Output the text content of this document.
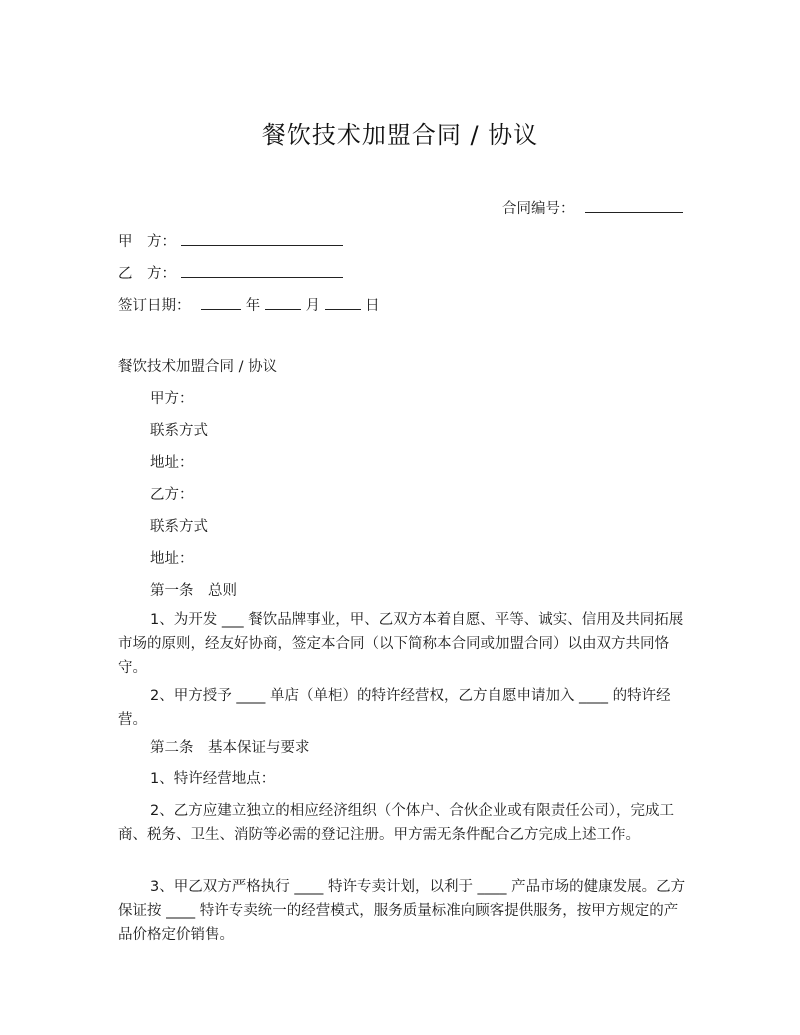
餐饮技术加盟合同 / 协议
合同编号：
甲　方：
乙　方：
签订日期：	年	月	日
餐饮技术加盟合同 / 协议
甲方：
联系方式
地址：
乙方：
联系方式
地址：
第一条　总则
1、为开发 ___ 餐饮品牌事业，甲、乙双方本着自愿、平等、诚实、信用及共同拓展市场的原则，经友好协商，签定本合同（以下简称本合同或加盟合同）以由双方共同恪守。
2、甲方授予 ____ 单店（单柜）的特许经营权，乙方自愿申请加入 ____ 的特许经营。
第二条　基本保证与要求
1、特许经营地点：
2、乙方应建立独立的相应经济组织（个体户、合伙企业或有限责任公司），完成工商、税务、卫生、消防等必需的登记注册。甲方需无条件配合乙方完成上述工作。
3、甲乙双方严格执行 ____ 特许专卖计划，以利于 ____ 产品市场的健康发展。乙方保证按 ____ 特许专卖统一的经营模式，服务质量标准向顾客提供服务，按甲方规定的产品价格定价销售。
